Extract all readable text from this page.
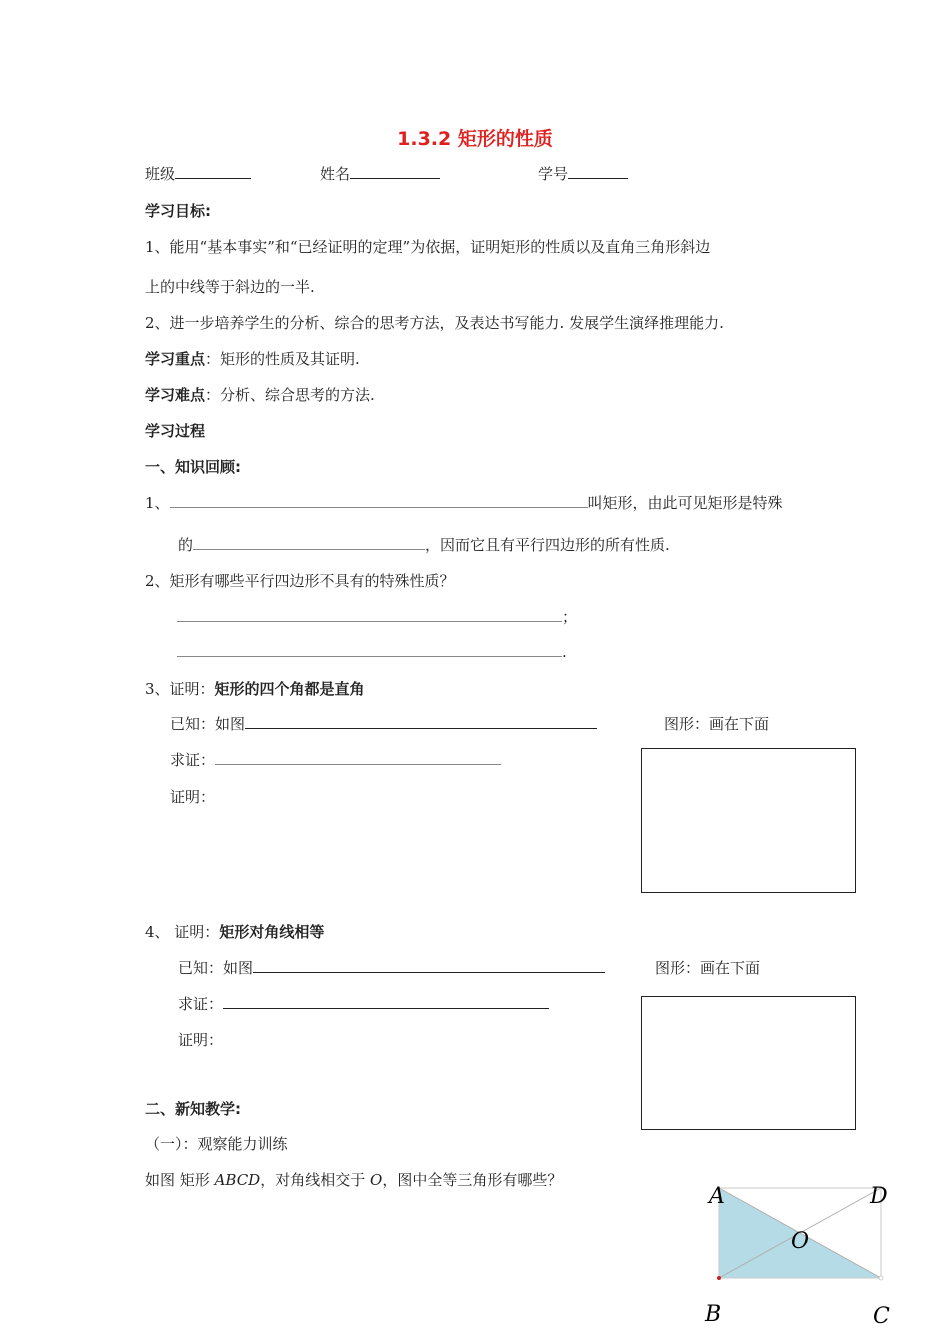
1.3.2 矩形的性质
班级	姓名	学号
学习目标:
1、能用“基本事实”和“已经证明的定理”为依据，证明矩形的性质以及直角三角形斜边
上的中线等于斜边的一半.
2、进一步培养学生的分析、综合的思考方法，及表达书写能力. 发展学生演绎推理能力.
学习重点：矩形的性质及其证明.
学习难点：分析、综合思考的方法.
学习过程
一、知识回顾:
1、	叫矩形，由此可见矩形是特殊
的	，因而它且有平行四边形的所有性质.
2、矩形有哪些平行四边形不具有的特殊性质？
；
.
3、证明：矩形的四个角都是直角
已知：如图	图形：画在下面
求证：
证明：
4、 证明：矩形对角线相等
已知：如图	图形：画在下面
求证：
证明：
二、新知教学:
（一）：观察能力训练
如图 矩形 ABCD，对角线相交于 O，图中全等三角形有哪些？
A	D
O
B	C
